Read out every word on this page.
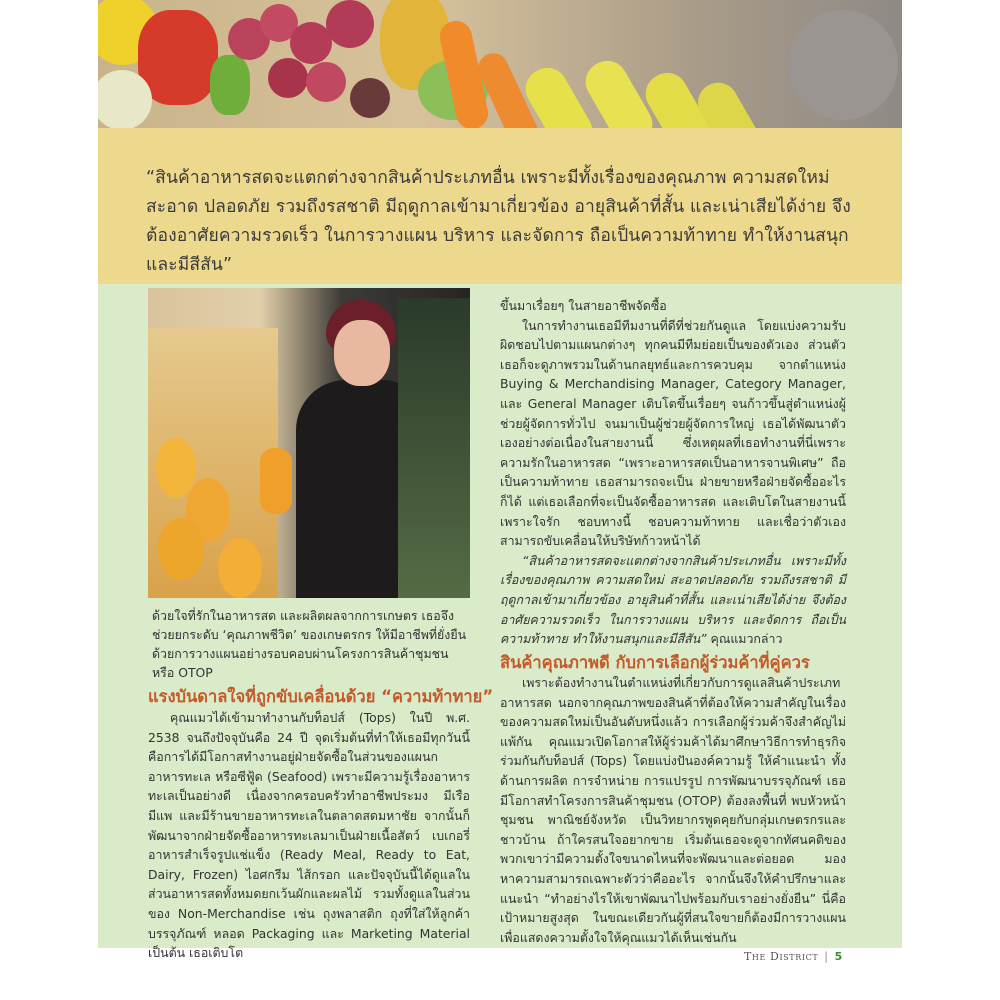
“สินค้าอาหารสดจะแตกต่างจากสินค้าประเภทอื่น เพราะมีทั้งเรื่องของคุณภาพ ความสดใหม่ สะอาด ปลอดภัย รวมถึงรสชาติ มีฤดูกาลเข้ามาเกี่ยวข้อง อายุสินค้าที่สั้น และเน่าเสียได้ง่าย จึงต้องอาศัยความรวดเร็ว ในการวางแผน บริหาร และจัดการ ถือเป็นความท้าทาย ทำให้งานสนุกและมีสีสัน”
ด้วยใจที่รักในอาหารสด และผลิตผลจากการเกษตร เธอจึงช่วยยกระดับ ‘คุณภาพชีวิต’ ของเกษตรกร ให้มีอาชีพที่ยั่งยืน ด้วยการวางแผนอย่างรอบคอบผ่านโครงการสินค้าชุมชน หรือ OTOP
แรงบันดาลใจที่ถูกขับเคลื่อนด้วย “ความท้าทาย”

คุณแมวได้เข้ามาทำงานกับท็อปส์ (Tops) ในปี พ.ศ. 2538 จนถึงปัจจุบันคือ 24 ปี จุดเริ่มต้นที่ทำให้เธอมีทุกวันนี้ คือการได้มีโอกาสทำงานอยู่ฝ่ายจัดซื้อในส่วนของแผนกอาหารทะเล หรือซีฟู้ด (Seafood) เพราะมีความรู้เรื่องอาหารทะเลเป็นอย่างดี เนื่องจากครอบครัวทำอาชีพประมง มีเรือ มีแพ และมีร้านขายอาหารทะเลในตลาดสดมหาชัย จากนั้นก็พัฒนาจากฝ่ายจัดซื้ออาหารทะเลมาเป็นฝ่ายเนื้อสัตว์ เบเกอรี่ อาหารสำเร็จรูปแช่แข็ง (Ready Meal, Ready to Eat, Dairy, Frozen) ไอศกรีม ไส้กรอก และปัจจุบันนี้ได้ดูแลในส่วนอาหารสดทั้งหมดยกเว้นผักและผลไม้ รวมทั้งดูแลในส่วนของ Non-Merchandise เช่น ถุงพลาสติก ถุงที่ใส่ให้ลูกค้า บรรจุภัณฑ์ หลอด Packaging และ Marketing Material เป็นต้น เธอเติบโต

ขึ้นมาเรื่อยๆ ในสายอาชีพจัดซื้อ

ในการทำงานเธอมีทีมงานที่ดีที่ช่วยกันดูแล โดยแบ่งความรับผิดชอบไปตามแผนกต่างๆ ทุกคนมีทีมย่อยเป็นของตัวเอง ส่วนตัวเธอก็จะดูภาพรวมในด้านกลยุทธ์และการควบคุม จากตำแหน่ง Buying & Merchandising Manager, Category Manager, และ General Manager เติบโตขึ้นเรื่อยๆ จนก้าวขึ้นสู่ตำแหน่งผู้ช่วยผู้จัดการทั่วไป จนมาเป็นผู้ช่วยผู้จัดการใหญ่ เธอได้พัฒนาตัวเองอย่างต่อเนื่องในสายงานนี้ ซึ่งเหตุผลที่เธอทำงานที่นี่เพราะความรักในอาหารสด “เพราะอาหารสดเป็นอาหารจานพิเศษ” ถือเป็นความท้าทาย เธอสามารถจะเป็น ฝ่ายขายหรือฝ่ายจัดซื้ออะไรก็ได้ แต่เธอเลือกที่จะเป็นจัดซื้ออาหารสด และเติบโตในสายงานนี้ เพราะใจรัก ชอบทางนี้ ชอบความท้าทาย และเชื่อว่าตัวเองสามารถขับเคลื่อนให้บริษัทก้าวหน้าได้

“สินค้าอาหารสดจะแตกต่างจากสินค้าประเภทอื่น เพราะมีทั้งเรื่องของคุณภาพ ความสดใหม่ สะอาดปลอดภัย รวมถึงรสชาติ มีฤดูกาลเข้ามาเกี่ยวข้อง อายุสินค้าที่สั้น และเน่าเสียได้ง่าย จึงต้องอาศัยความรวดเร็ว ในการวางแผน บริหาร และจัดการ ถือเป็นความท้าทาย ทำให้งานสนุกและมีสีสัน” คุณแมวกล่าว

สินค้าคุณภาพดี กับการเลือกผู้ร่วมค้าที่คู่ควร

เพราะต้องทำงานในตำแหน่งที่เกี่ยวกับการดูแลสินค้าประเภทอาหารสด นอกจากคุณภาพของสินค้าที่ต้องให้ความสำคัญในเรื่องของความสดใหม่เป็นอันดับหนึ่งแล้ว การเลือกผู้ร่วมค้าจึงสำคัญไม่แพ้กัน คุณแมวเปิดโอกาสให้ผู้ร่วมค้าได้มาศึกษาวิธีการทำธุรกิจร่วมกันกับท็อปส์ (Tops) โดยแบ่งปันองค์ความรู้ ให้คำแนะนำ ทั้งด้านการผลิต การจำหน่าย การแปรรูป การพัฒนาบรรจุภัณฑ์ เธอมีโอกาสทำโครงการสินค้าชุมชน (OTOP) ต้องลงพื้นที่ พบหัวหน้าชุมชน พาณิชย์จังหวัด เป็นวิทยากรพูดคุยกับกลุ่มเกษตรกรและชาวบ้าน ถ้าใครสนใจอยากขาย เริ่มต้นเธอจะดูจากทัศนคติของพวกเขาว่ามีความตั้งใจขนาดไหนที่จะพัฒนาและต่อยอด มองหาความสามารถเฉพาะตัวว่าคืออะไร จากนั้นจึงให้คำปรึกษาและแนะนำ “ทำอย่างไรให้เขาพัฒนาไปพร้อมกับเราอย่างยั่งยืน” นี่คือเป้าหมายสูงสุด ในขณะเดียวกันผู้ที่สนใจขายก็ต้องมีการวางแผนเพื่อแสดงความตั้งใจให้คุณแมวได้เห็นเช่นกัน

The District | 5
